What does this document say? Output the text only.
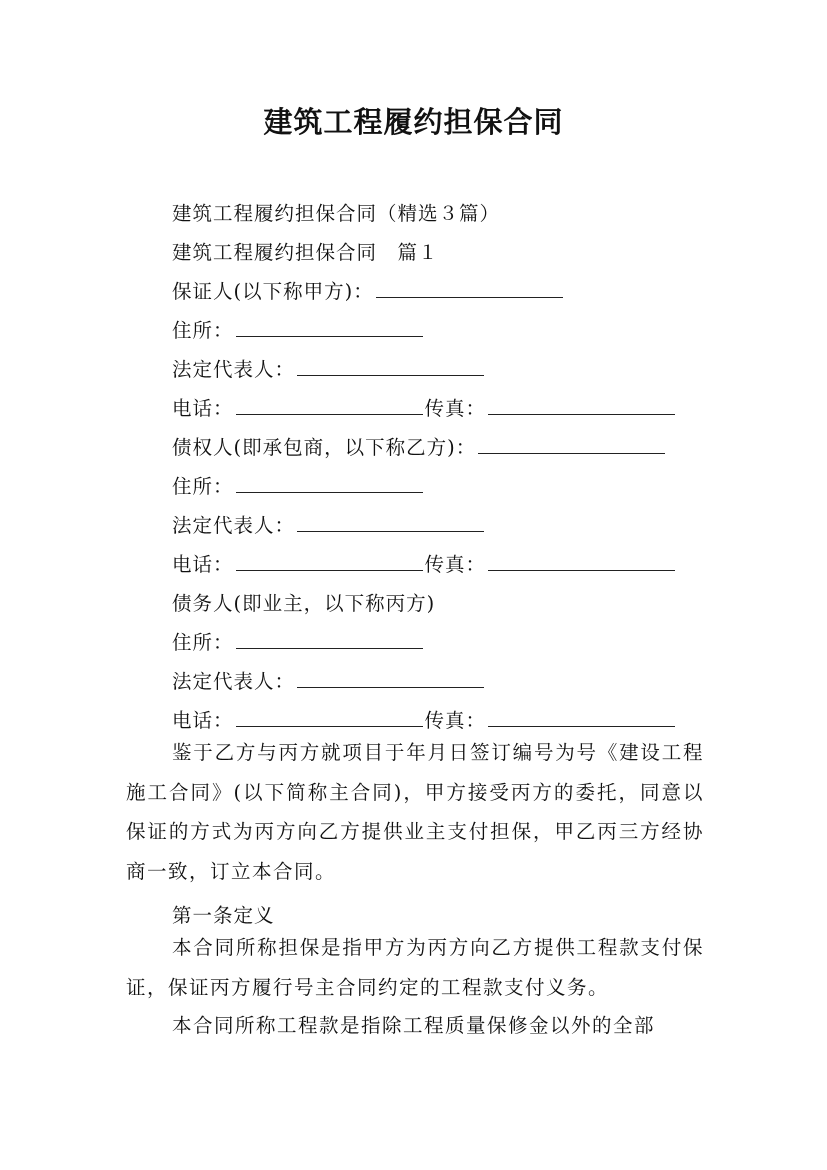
建筑工程履约担保合同
建筑工程履约担保合同（精选３篇）
建筑工程履约担保合同　篇１
保证人(以下称甲方)：
住所：
法定代表人：
电话：	传真：
债权人(即承包商，以下称乙方)：
住所：
法定代表人：
电话：	传真：
债务人(即业主，以下称丙方)
住所：
法定代表人：
电话：	传真：

鉴于乙方与丙方就项目于年月日签订编号为号《建设工程施工合同》(以下简称主合同)，甲方接受丙方的委托，同意以保证的方式为丙方向乙方提供业主支付担保，甲乙丙三方经协商一致，订立本合同。

第一条定义

本合同所称担保是指甲方为丙方向乙方提供工程款支付保证，保证丙方履行号主合同约定的工程款支付义务。

本合同所称工程款是指除工程质量保修金以外的全部
